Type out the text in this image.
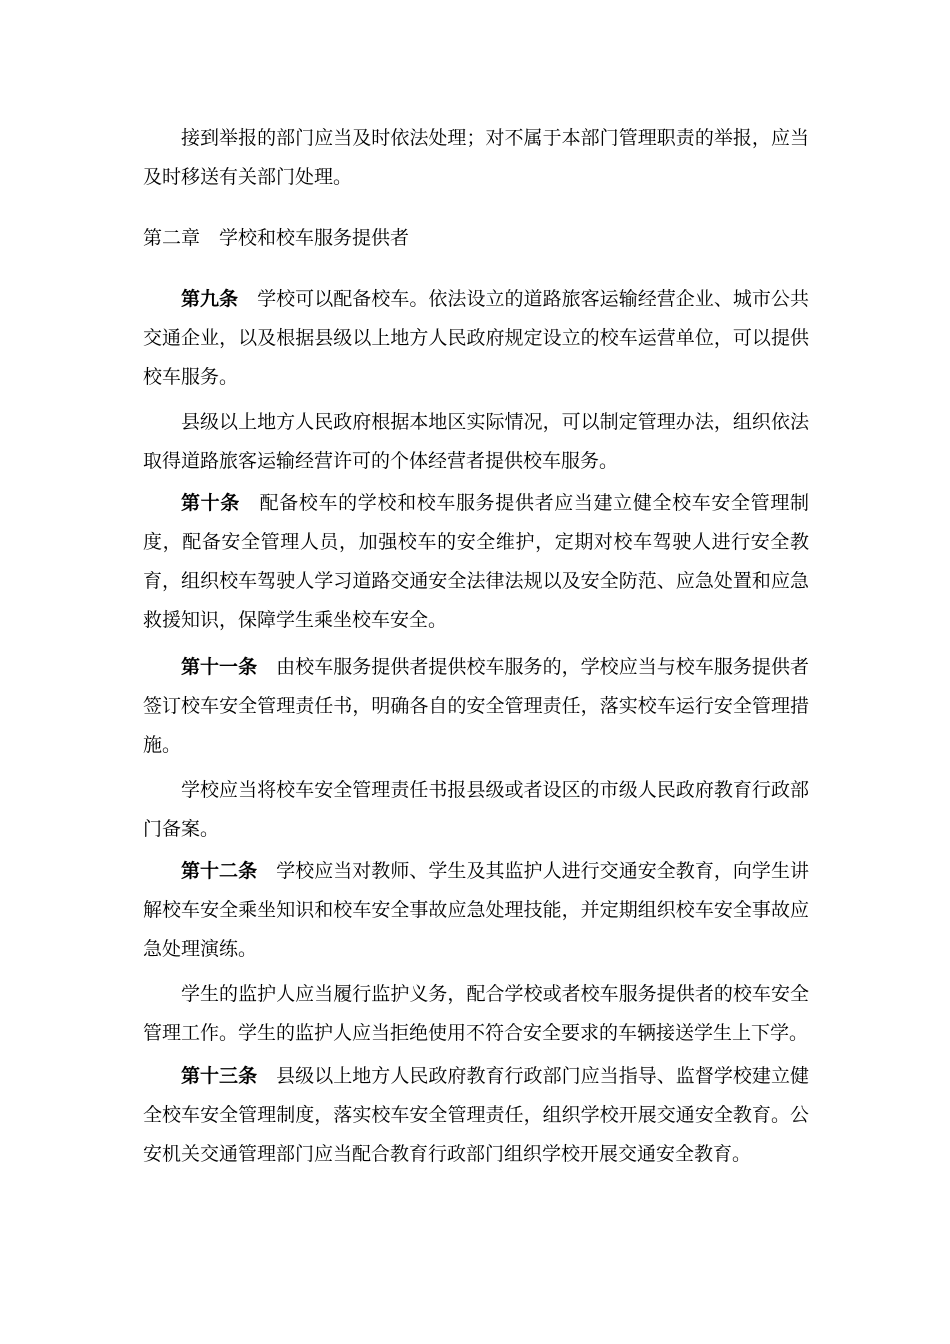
接到举报的部门应当及时依法处理；对不属于本部门管理职责的举报，应当及时移送有关部门处理。

第二章　学校和校车服务提供者

第九条 学校可以配备校车。依法设立的道路旅客运输经营企业、城市公共交通企业，以及根据县级以上地方人民政府规定设立的校车运营单位，可以提供校车服务。

县级以上地方人民政府根据本地区实际情况，可以制定管理办法，组织依法取得道路旅客运输经营许可的个体经营者提供校车服务。

第十条 配备校车的学校和校车服务提供者应当建立健全校车安全管理制度，配备安全管理人员，加强校车的安全维护，定期对校车驾驶人进行安全教育，组织校车驾驶人学习道路交通安全法律法规以及安全防范、应急处置和应急救援知识，保障学生乘坐校车安全。

第十一条 由校车服务提供者提供校车服务的，学校应当与校车服务提供者签订校车安全管理责任书，明确各自的安全管理责任，落实校车运行安全管理措施。

学校应当将校车安全管理责任书报县级或者设区的市级人民政府教育行政部门备案。

第十二条 学校应当对教师、学生及其监护人进行交通安全教育，向学生讲解校车安全乘坐知识和校车安全事故应急处理技能，并定期组织校车安全事故应急处理演练。

学生的监护人应当履行监护义务，配合学校或者校车服务提供者的校车安全管理工作。学生的监护人应当拒绝使用不符合安全要求的车辆接送学生上下学。

第十三条 县级以上地方人民政府教育行政部门应当指导、监督学校建立健全校车安全管理制度，落实校车安全管理责任，组织学校开展交通安全教育。公安机关交通管理部门应当配合教育行政部门组织学校开展交通安全教育。
